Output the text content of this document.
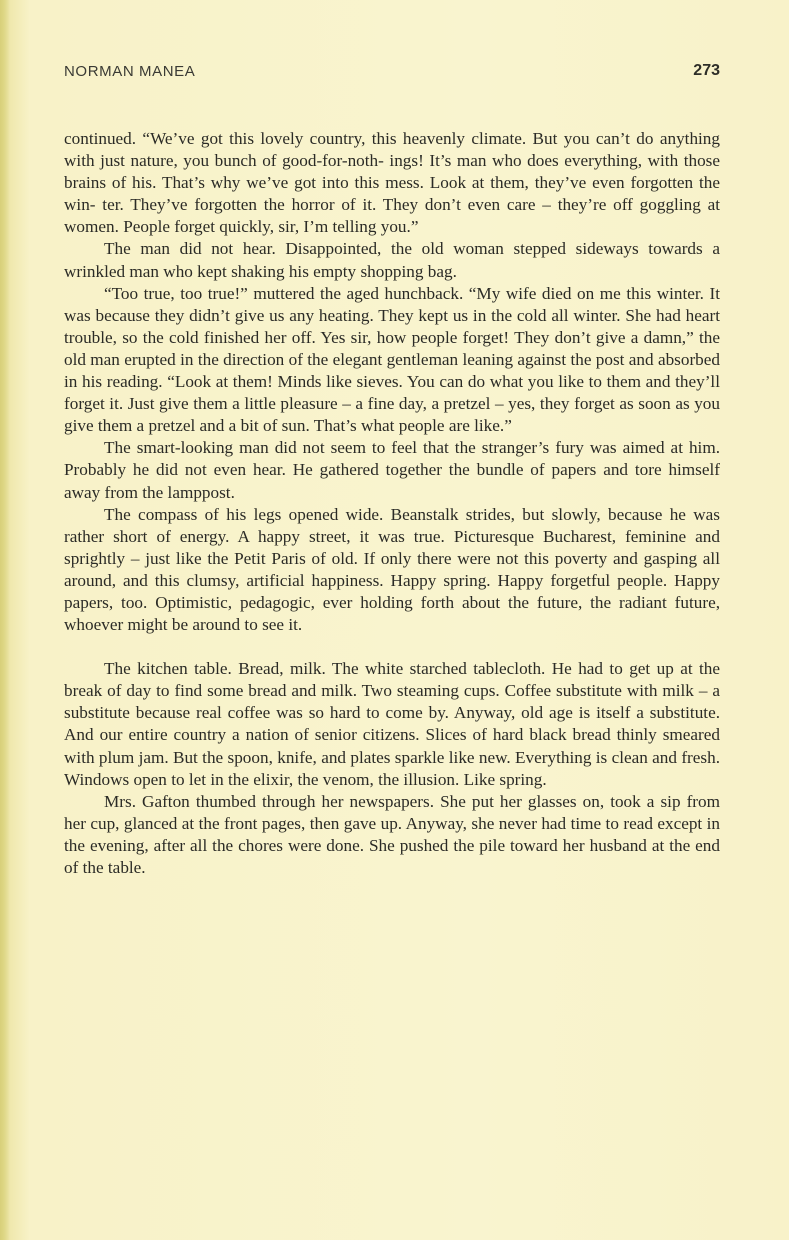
NORMAN MANEA	273

continued. “We’ve got this lovely country, this heavenly climate. But you can’t do anything with just nature, you bunch of good-for-noth- ings! It’s man who does everything, with those brains of his. That’s why we’ve got into this mess. Look at them, they’ve even forgotten the win- ter. They’ve forgotten the horror of it. They don’t even care – they’re off goggling at women. People forget quickly, sir, I’m telling you.”

The man did not hear. Disappointed, the old woman stepped sideways towards a wrinkled man who kept shaking his empty shopping bag.

“Too true, too true!” muttered the aged hunchback. “My wife died on me this winter. It was because they didn’t give us any heating. They kept us in the cold all winter. She had heart trouble, so the cold finished her off. Yes sir, how people forget! They don’t give a damn,” the old man erupted in the direction of the elegant gentleman leaning against the post and absorbed in his reading. “Look at them! Minds like sieves. You can do what you like to them and they’ll forget it. Just give them a little pleasure – a fine day, a pretzel – yes, they forget as soon as you give them a pretzel and a bit of sun. That’s what people are like.”

The smart-looking man did not seem to feel that the stranger’s fury was aimed at him. Probably he did not even hear. He gathered together the bundle of papers and tore himself away from the lamppost.

The compass of his legs opened wide. Beanstalk strides, but slowly, because he was rather short of energy. A happy street, it was true. Picturesque Bucharest, feminine and sprightly – just like the Petit Paris of old. If only there were not this poverty and gasping all around, and this clumsy, artificial happiness. Happy spring. Happy forgetful people. Happy papers, too. Optimistic, pedagogic, ever holding forth about the future, the radiant future, whoever might be around to see it.

The kitchen table. Bread, milk. The white starched tablecloth. He had to get up at the break of day to find some bread and milk. Two steaming cups. Coffee substitute with milk – a substitute because real coffee was so hard to come by. Anyway, old age is itself a substitute. And our entire country a nation of senior citizens. Slices of hard black bread thinly smeared with plum jam. But the spoon, knife, and plates sparkle like new. Everything is clean and fresh. Windows open to let in the elixir, the venom, the illusion. Like spring.

Mrs. Gafton thumbed through her newspapers. She put her glasses on, took a sip from her cup, glanced at the front pages, then gave up. Anyway, she never had time to read except in the evening, after all the chores were done. She pushed the pile toward her husband at the end of the table.
